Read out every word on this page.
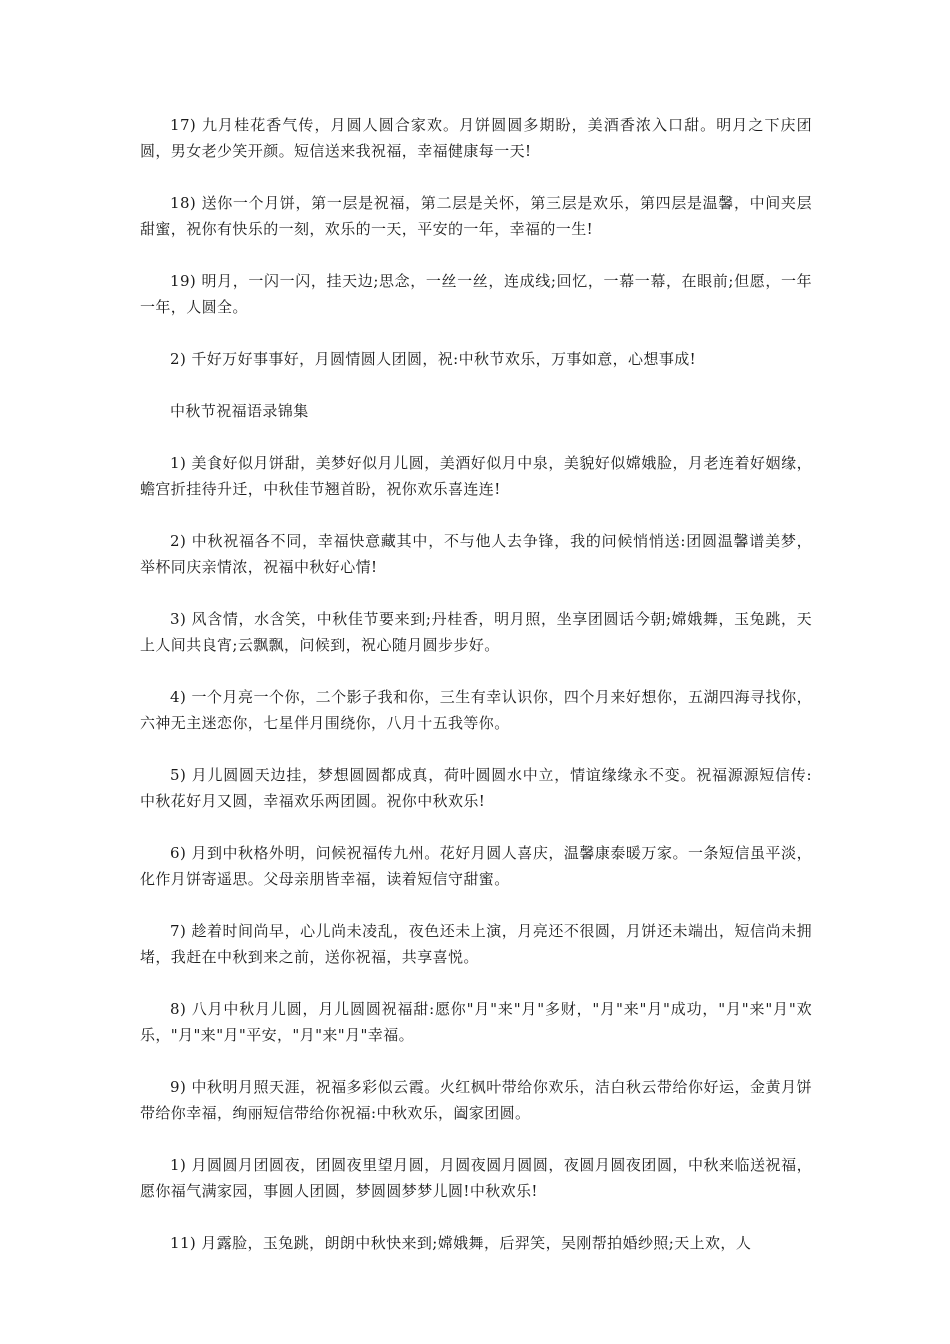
17) 九月桂花香气传，月圆人圆合家欢。月饼圆圆多期盼，美酒香浓入口甜。明月之下庆团圆，男女老少笑开颜。短信送来我祝福，幸福健康每一天!

18) 送你一个月饼，第一层是祝福，第二层是关怀，第三层是欢乐，第四层是温馨，中间夹层甜蜜，祝你有快乐的一刻，欢乐的一天，平安的一年，幸福的一生!

19) 明月，一闪一闪，挂天边;思念，一丝一丝，连成线;回忆，一幕一幕，在眼前;但愿，一年一年，人圆全。

2) 千好万好事事好，月圆情圆人团圆，祝:中秋节欢乐，万事如意，心想事成!

中秋节祝福语录锦集

1) 美食好似月饼甜，美梦好似月儿圆，美酒好似月中泉，美貌好似嫦娥脸，月老连着好姻缘，蟾宫折挂待升迁，中秋佳节翘首盼，祝你欢乐喜连连!

2) 中秋祝福各不同，幸福快意藏其中，不与他人去争锋，我的问候悄悄送:团圆温馨谱美梦，举杯同庆亲情浓，祝福中秋好心情!

3) 风含情，水含笑，中秋佳节要来到;丹桂香，明月照，坐享团圆话今朝;嫦娥舞，玉兔跳，天上人间共良宵;云飘飘，问候到，祝心随月圆步步好。

4) 一个月亮一个你，二个影子我和你，三生有幸认识你，四个月来好想你，五湖四海寻找你，六神无主迷恋你，七星伴月围绕你，八月十五我等你。

5) 月儿圆圆天边挂，梦想圆圆都成真，荷叶圆圆水中立，情谊缘缘永不变。祝福源源短信传:中秋花好月又圆，幸福欢乐两团圆。祝你中秋欢乐!

6) 月到中秋格外明，问候祝福传九州。花好月圆人喜庆，温馨康泰暖万家。一条短信虽平淡，化作月饼寄遥思。父母亲朋皆幸福，读着短信守甜蜜。

7) 趁着时间尚早，心儿尚未凌乱，夜色还未上演，月亮还不很圆，月饼还未端出，短信尚未拥堵，我赶在中秋到来之前，送你祝福，共享喜悦。

8) 八月中秋月儿圆，月儿圆圆祝福甜:愿你"月"来"月"多财，"月"来"月"成功，"月"来"月"欢乐，"月"来"月"平安，"月"来"月"幸福。

9) 中秋明月照天涯，祝福多彩似云霞。火红枫叶带给你欢乐，洁白秋云带给你好运，金黄月饼带给你幸福，绚丽短信带给你祝福:中秋欢乐，阖家团圆。

1) 月圆圆月团圆夜，团圆夜里望月圆，月圆夜圆月圆圆，夜圆月圆夜团圆，中秋来临送祝福，愿你福气满家园，事圆人团圆，梦圆圆梦梦儿圆!中秋欢乐!

11) 月露脸，玉兔跳，朗朗中秋快来到;嫦娥舞，后羿笑，吴刚帮拍婚纱照;天上欢，人
